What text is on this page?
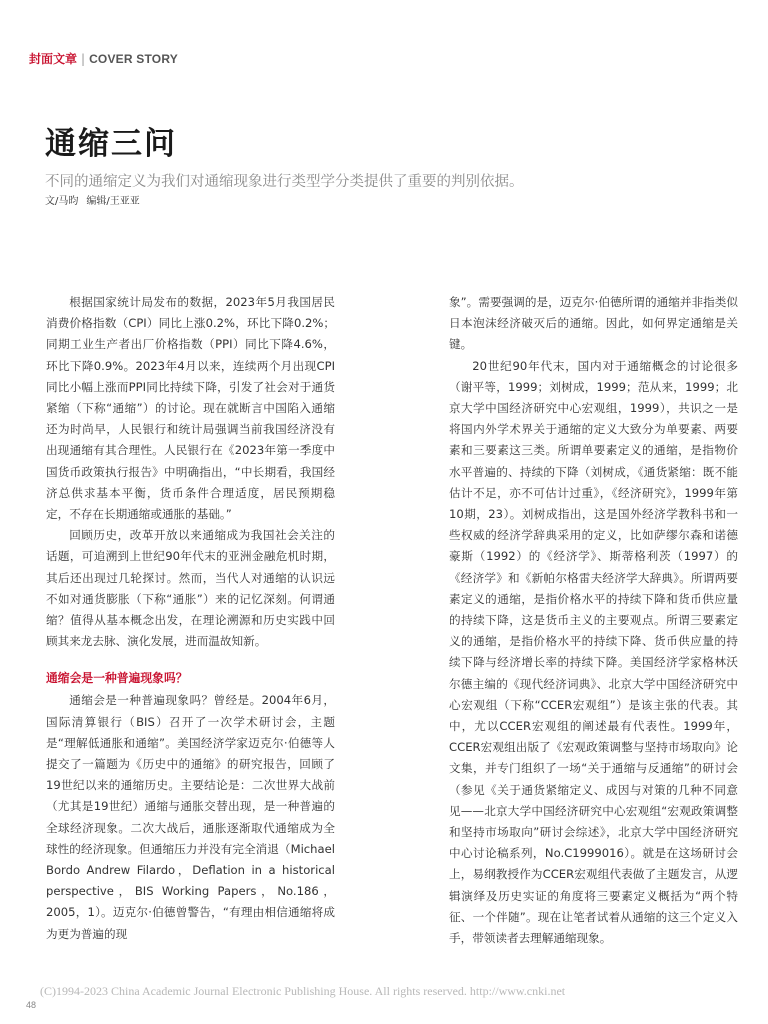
封面文章 | COVER STORY
通缩三问
不同的通缩定义为我们对通缩现象进行类型学分类提供了重要的判别依据。
文/马昀 编辑/王亚亚

根据国家统计局发布的数据，2023年5月我国居民消费价格指数（CPI）同比上涨0.2%，环比下降0.2%；同期工业生产者出厂价格指数（PPI）同比下降4.6%，环比下降0.9%。2023年4月以来，连续两个月出现CPI同比小幅上涨而PPI同比持续下降，引发了社会对于通货紧缩（下称“通缩”）的讨论。现在就断言中国陷入通缩还为时尚早，人民银行和统计局强调当前我国经济没有出现通缩有其合理性。人民银行在《2023年第一季度中国货币政策执行报告》中明确指出，“中长期看，我国经济总供求基本平衡，货币条件合理适度，居民预期稳定，不存在长期通缩或通胀的基础。”

回顾历史，改革开放以来通缩成为我国社会关注的话题，可追溯到上世纪90年代末的亚洲金融危机时期，其后还出现过几轮探讨。然而，当代人对通缩的认识远不如对通货膨胀（下称“通胀”）来的记忆深刻。何谓通缩？值得从基本概念出发，在理论溯源和历史实践中回顾其来龙去脉、演化发展，进而温故知新。

通缩会是一种普遍现象吗？

通缩会是一种普遍现象吗？曾经是。2004年6月，国际清算银行（BIS）召开了一次学术研讨会，主题是“理解低通胀和通缩”。美国经济学家迈克尔·伯德等人提交了一篇题为《历史中的通缩》的研究报告，回顾了19世纪以来的通缩历史。主要结论是：二次世界大战前（尤其是19世纪）通缩与通胀交替出现，是一种普遍的全球经济现象。二次大战后，通胀逐渐取代通缩成为全球性的经济现象。但通缩压力并没有完全消退（Michael Bordo Andrew Filardo，Deflation in a historical perspective，BIS Working Papers，No.186，2005，1）。迈克尔·伯德曾警告，“有理由相信通缩将成为更为普遍的现

象”。需要强调的是，迈克尔·伯德所谓的通缩并非指类似日本泡沫经济破灭后的通缩。因此，如何界定通缩是关键。

20世纪90年代末，国内对于通缩概念的讨论很多（谢平等，1999；刘树成，1999；范从来，1999；北京大学中国经济研究中心宏观组，1999），共识之一是将国内外学术界关于通缩的定义大致分为单要素、两要素和三要素这三类。所谓单要素定义的通缩，是指物价水平普遍的、持续的下降（刘树成，《通货紧缩：既不能估计不足，亦不可估计过重》，《经济研究》，1999年第10期，23）。刘树成指出，这是国外经济学教科书和一些权威的经济学辞典采用的定义，比如萨缪尔森和诺德豪斯（1992）的《经济学》、斯蒂格利茨（1997）的《经济学》和《新帕尔格雷夫经济学大辞典》。所谓两要素定义的通缩，是指价格水平的持续下降和货币供应量的持续下降，这是货币主义的主要观点。所谓三要素定义的通缩，是指价格水平的持续下降、货币供应量的持续下降与经济增长率的持续下降。美国经济学家格林沃尔德主编的《现代经济词典》、北京大学中国经济研究中心宏观组（下称“CCER宏观组”）是该主张的代表。其中，尤以CCER宏观组的阐述最有代表性。1999年，CCER宏观组出版了《宏观政策调整与坚持市场取向》论文集，并专门组织了一场“关于通缩与反通缩”的研讨会（参见《关于通货紧缩定义、成因与对策的几种不同意见——北京大学中国经济研究中心宏观组“宏观政策调整和坚持市场取向”研讨会综述》，北京大学中国经济研究中心讨论稿系列，No.C1999016）。就是在这场研讨会上，易纲教授作为CCER宏观组代表做了主题发言，从逻辑演绎及历史实证的角度将三要素定义概括为“两个特征、一个伴随”。现在让笔者试着从通缩的这三个定义入手，带领读者去理解通缩现象。

(C)1994-2023 China Academic Journal Electronic Publishing House. All rights reserved. http://www.cnki.net
48
